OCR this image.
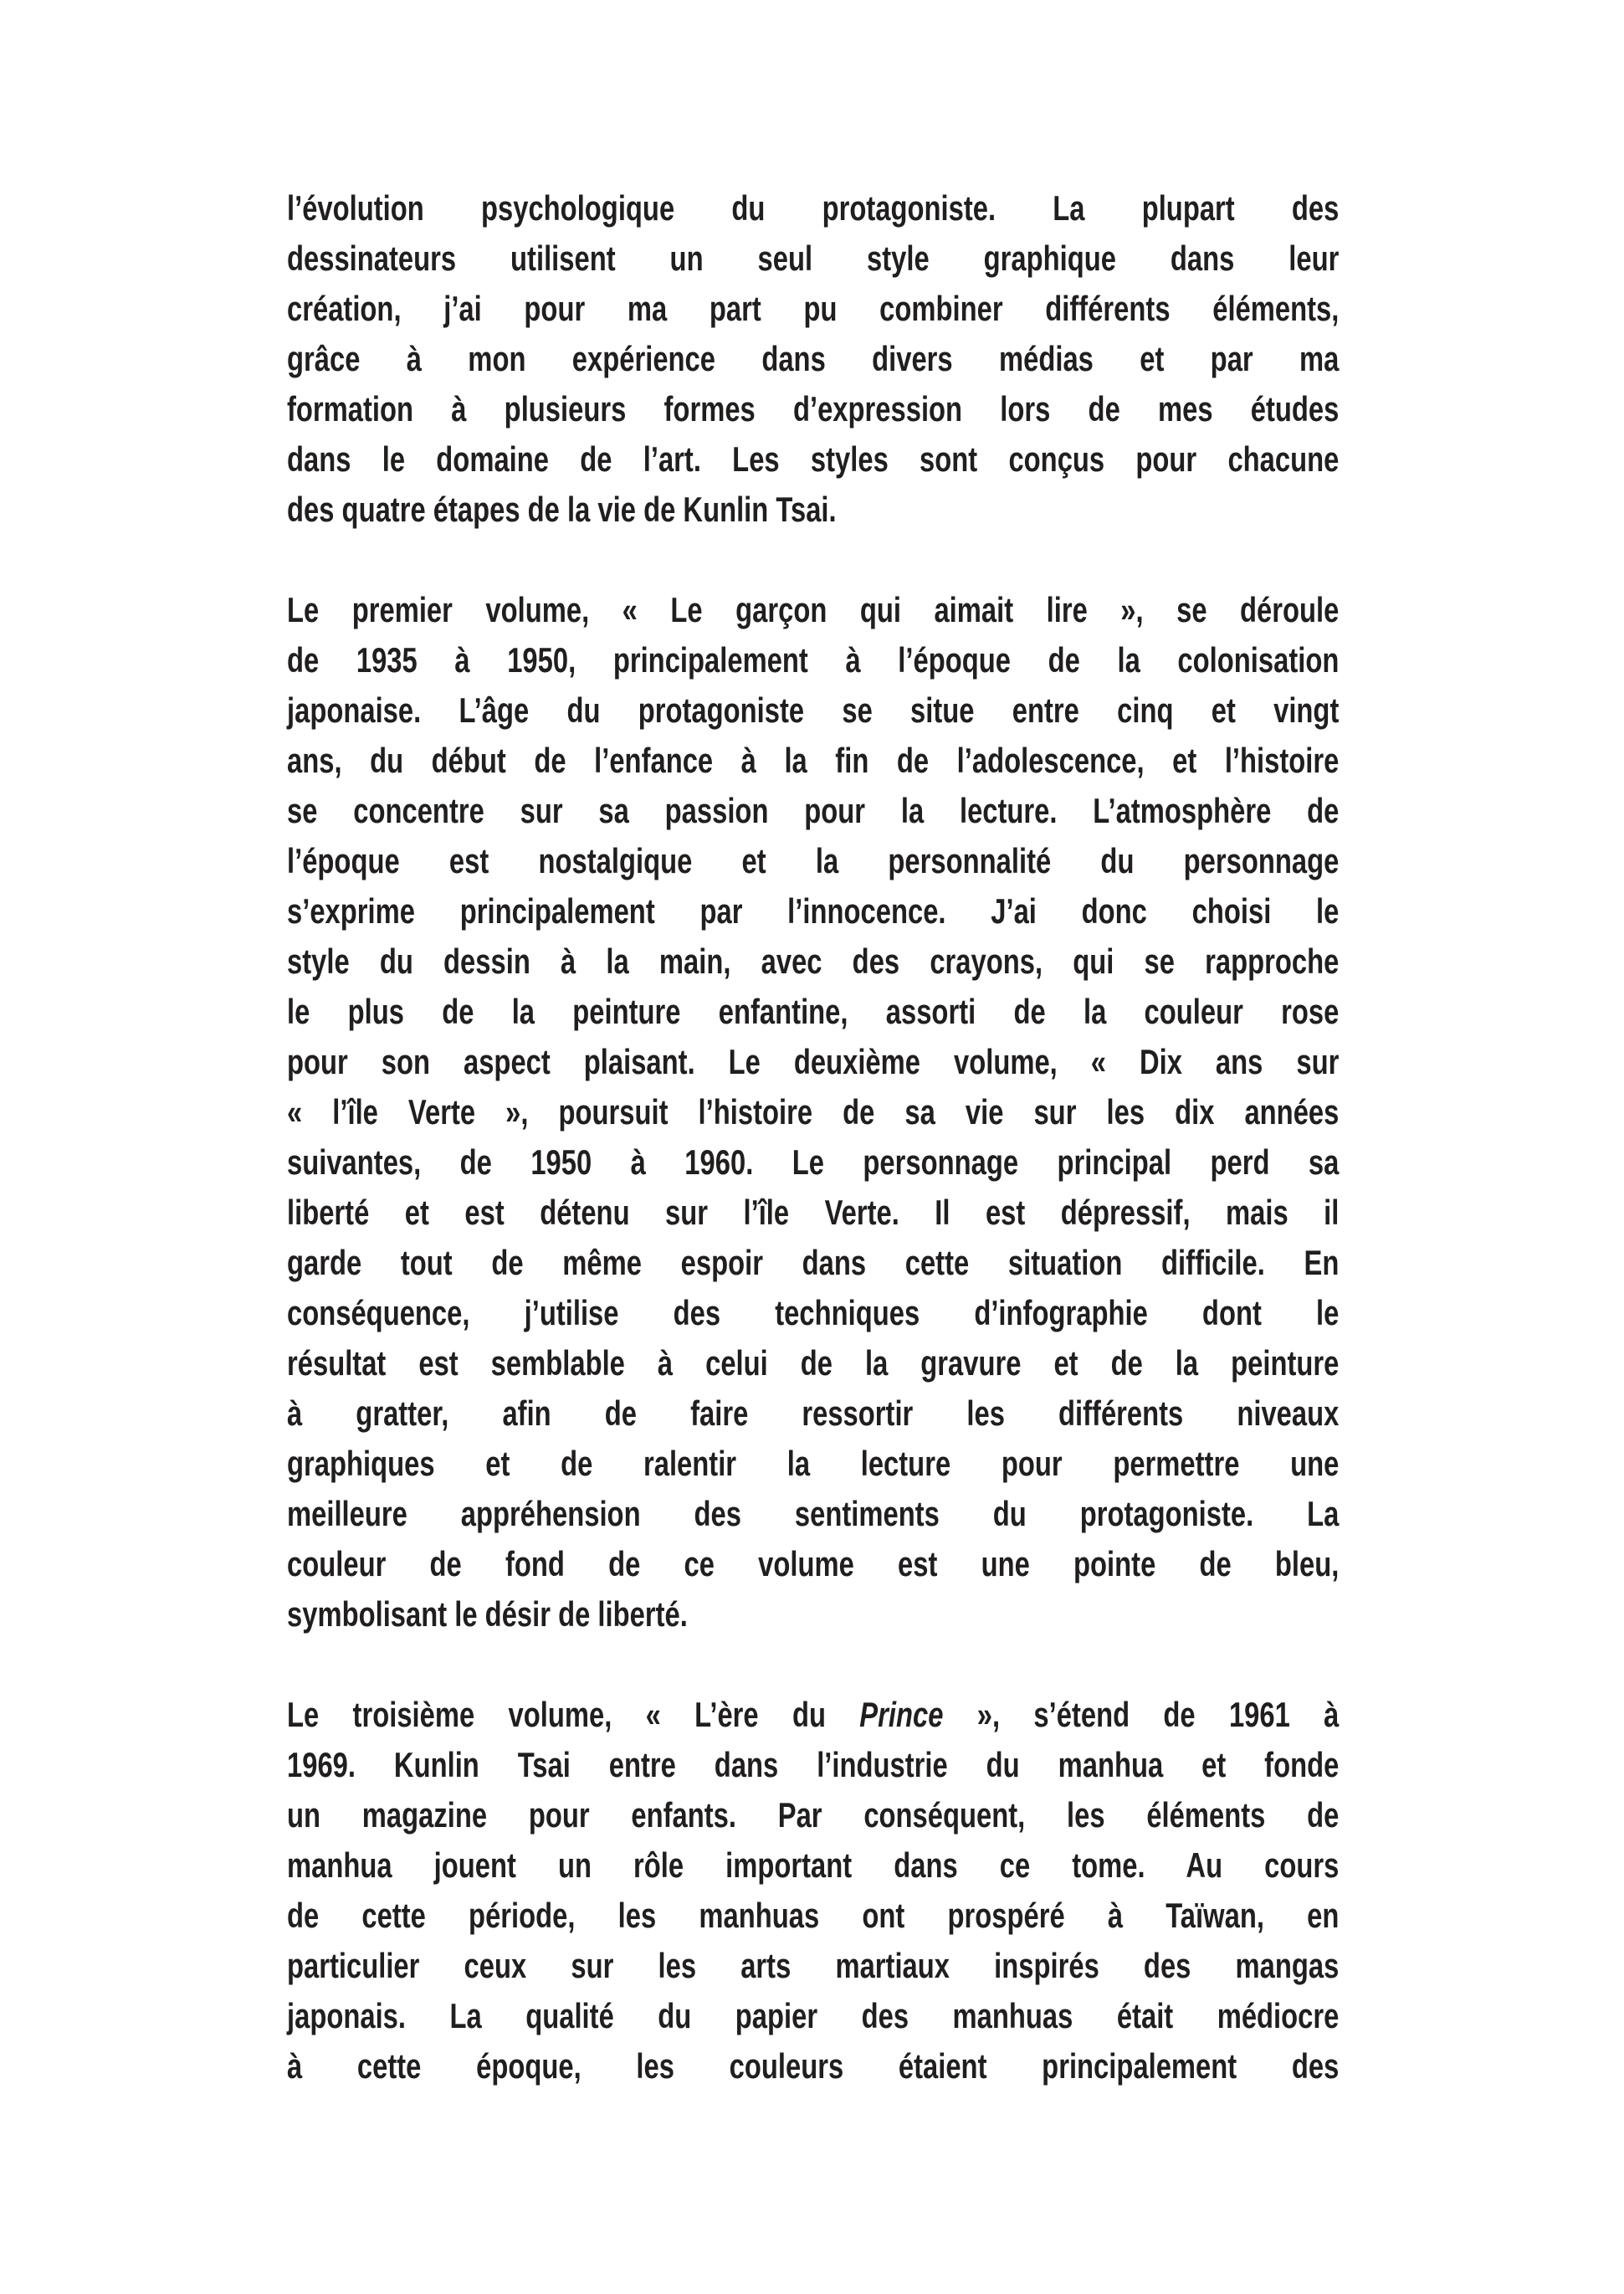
l’évolution psychologique du protagoniste. La plupart des
dessinateurs utilisent un seul style graphique dans leur
création, j’ai pour ma part pu combiner différents éléments,
grâce à mon expérience dans divers médias et par ma
formation à plusieurs formes d’expression lors de mes études
dans le domaine de l’art. Les styles sont conçus pour chacune
des quatre étapes de la vie de Kunlin Tsai.
Le premier volume, « Le garçon qui aimait lire », se déroule
de 1935 à 1950, principalement à l’époque de la colonisation
japonaise. L’âge du protagoniste se situe entre cinq et vingt
ans, du début de l’enfance à la fin de l’adolescence, et l’histoire
se concentre sur sa passion pour la lecture. L’atmosphère de
l’époque est nostalgique et la personnalité du personnage
s’exprime principalement par l’innocence. J’ai donc choisi le
style du dessin à la main, avec des crayons, qui se rapproche
le plus de la peinture enfantine, assorti de la couleur rose
pour son aspect plaisant. Le deuxième volume, « Dix ans sur
« l’île Verte », poursuit l’histoire de sa vie sur les dix années
suivantes, de 1950 à 1960. Le personnage principal perd sa
liberté et est détenu sur l’île Verte. Il est dépressif, mais il
garde tout de même espoir dans cette situation difficile. En
conséquence, j’utilise des techniques d’infographie dont le
résultat est semblable à celui de la gravure et de la peinture
à gratter, afin de faire ressortir les différents niveaux
graphiques et de ralentir la lecture pour permettre une
meilleure appréhension des sentiments du protagoniste. La
couleur de fond de ce volume est une pointe de bleu,
symbolisant le désir de liberté.
Le troisième volume, « L’ère du Prince », s’étend de 1961 à
1969. Kunlin Tsai entre dans l’industrie du manhua et fonde
un magazine pour enfants. Par conséquent, les éléments de
manhua jouent un rôle important dans ce tome. Au cours
de cette période, les manhuas ont prospéré à Taïwan, en
particulier ceux sur les arts martiaux inspirés des mangas
japonais. La qualité du papier des manhuas était médiocre
à cette époque, les couleurs étaient principalement des
